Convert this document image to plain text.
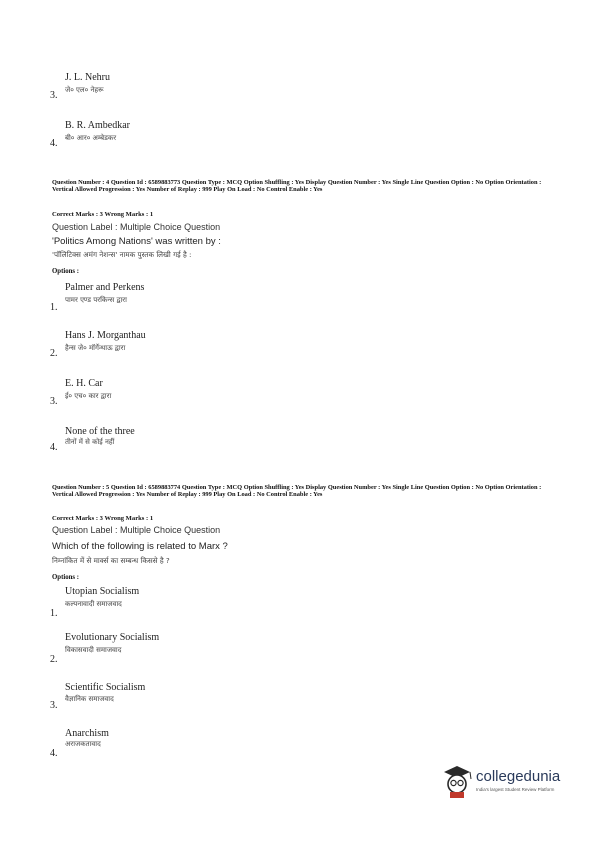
J. L. Nehru
3. जे० एल० नेहरू
B. R. Ambedkar
4. बी० आर० अम्बेडकर
Question Number : 4 Question Id : 6589883773 Question Type : MCQ Option Shuffling : Yes Display Question Number : Yes Single Line Question Option : No Option Orientation : Vertical Allowed Progression : Yes Number of Replay : 999 Play On Load : No Control Enable : Yes
Correct Marks : 3 Wrong Marks : 1
Question Label : Multiple Choice Question
'Politics Among Nations' was written by :
'पॉलिटिक्स अमंग नेशन्स' नामक पुस्तक लिखी गई है :
Options :
Palmer and Perkens
पामर एण्ड परकिन्स द्वारा
1.
Hans J. Morganthau
हैन्स जे० मॉर्गेन्थाऊ द्वारा
2.
E. H. Car
ई० एच० कार द्वारा
3.
None of the three
तीनों में से कोई नहीं
4.
Question Number : 5 Question Id : 6589883774 Question Type : MCQ Option Shuffling : Yes Display Question Number : Yes Single Line Question Option : No Option Orientation : Vertical Allowed Progression : Yes Number of Replay : 999 Play On Load : No Control Enable : Yes
Correct Marks : 3 Wrong Marks : 1
Question Label : Multiple Choice Question
Which of the following is related to Marx ?
निम्नांकित में से मार्क्स का सम्बन्ध किससे है ?
Options :
Utopian Socialism
कल्पनावादी समाजवाद
1.
Evolutionary Socialism
विकासवादी समाजवाद
2.
Scientific Socialism
वैज्ञानिक समाजवाद
3.
Anarchism
अराजकतावाद
4.
collegedunia
India's largest Student Review Platform
